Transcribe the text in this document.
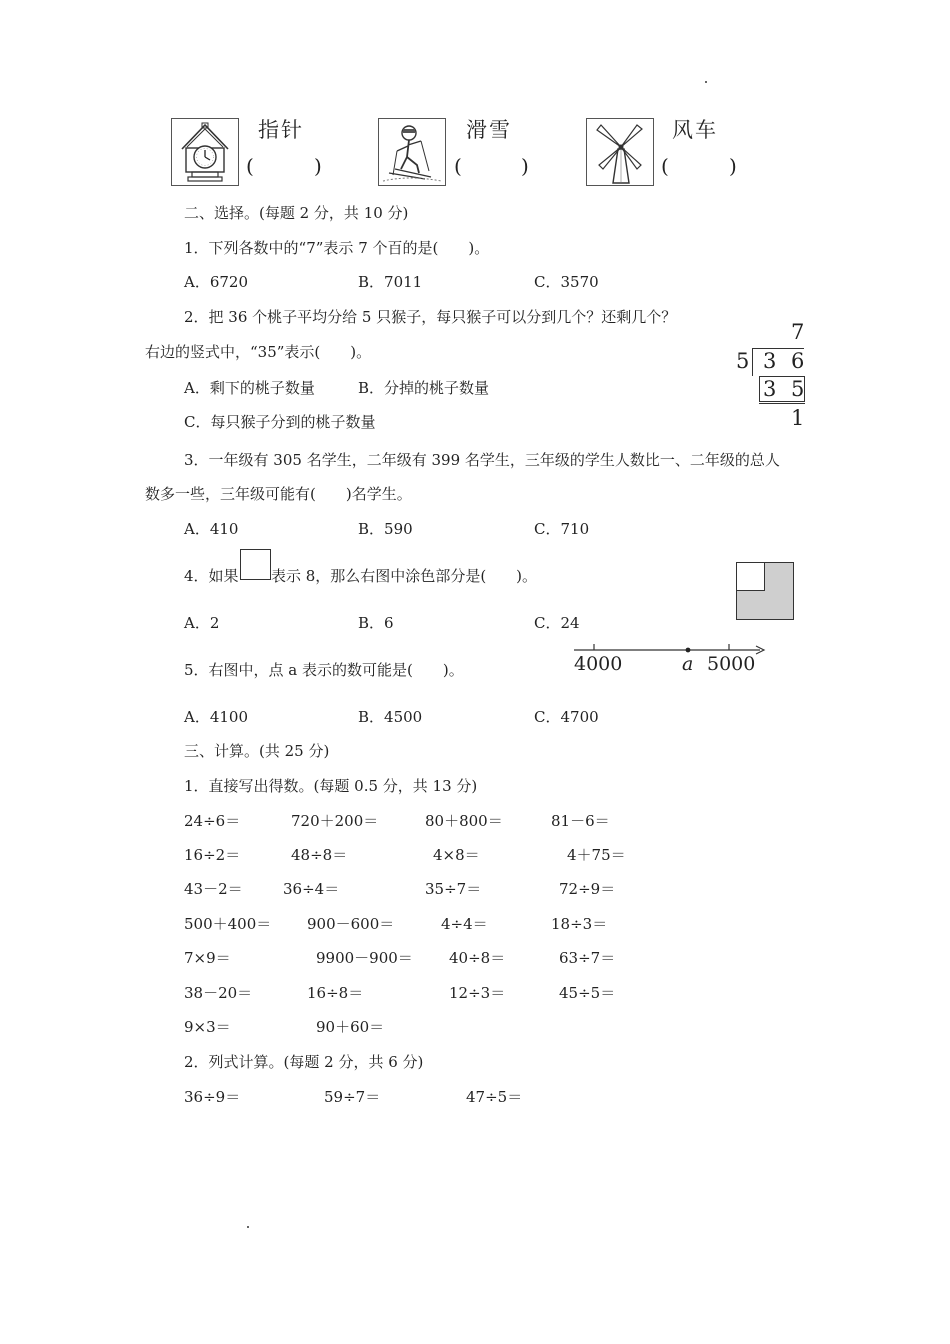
指针
(	)
滑雪
(	)
风车
(	)
二、选择。(每题 2 分，共 10 分)
1．下列各数中的“7”表示 7 个百的是(　　)。
A．6720	B．7011	C．3570
2．把 36 个桃子平均分给 5 只猴子，每只猴子可以分到几个？还剩几个？
右边的竖式中，“35”表示(　　)。
A．剩下的桃子数量	B．分掉的桃子数量
C．每只猴子分到的桃子数量
7
5 3 6
3 5
1
3．一年级有 305 名学生，二年级有 399 名学生，三年级的学生人数比一、二年级的总人
数多一些，三年级可能有(　　)名学生。
A．410	B．590	C．710
4．如果 表示 8，那么右图中涂色部分是(　　)。
A．2	B．6	C．24
5．右图中，点 a 表示的数可能是(　　)。	4000	a 5000
A．4100	B．4500	C．4700
三、计算。(共 25 分)
1．直接写出得数。(每题 0.5 分，共 13 分)
24÷6＝	720＋200＝	80＋800＝	81－6＝
16÷2＝	48÷8＝	4×8＝	4＋75＝
43－2＝	36÷4＝	35÷7＝	72÷9＝
500＋400＝ 900－600＝	4÷4＝	18÷3＝
7×9＝	9900－900＝ 40÷8＝	63÷7＝
38－20＝	16÷8＝	12÷3＝	45÷5＝
9×3＝	90＋60＝
2．列式计算。(每题 2 分，共 6 分)
36÷9＝	59÷7＝	47÷5＝
